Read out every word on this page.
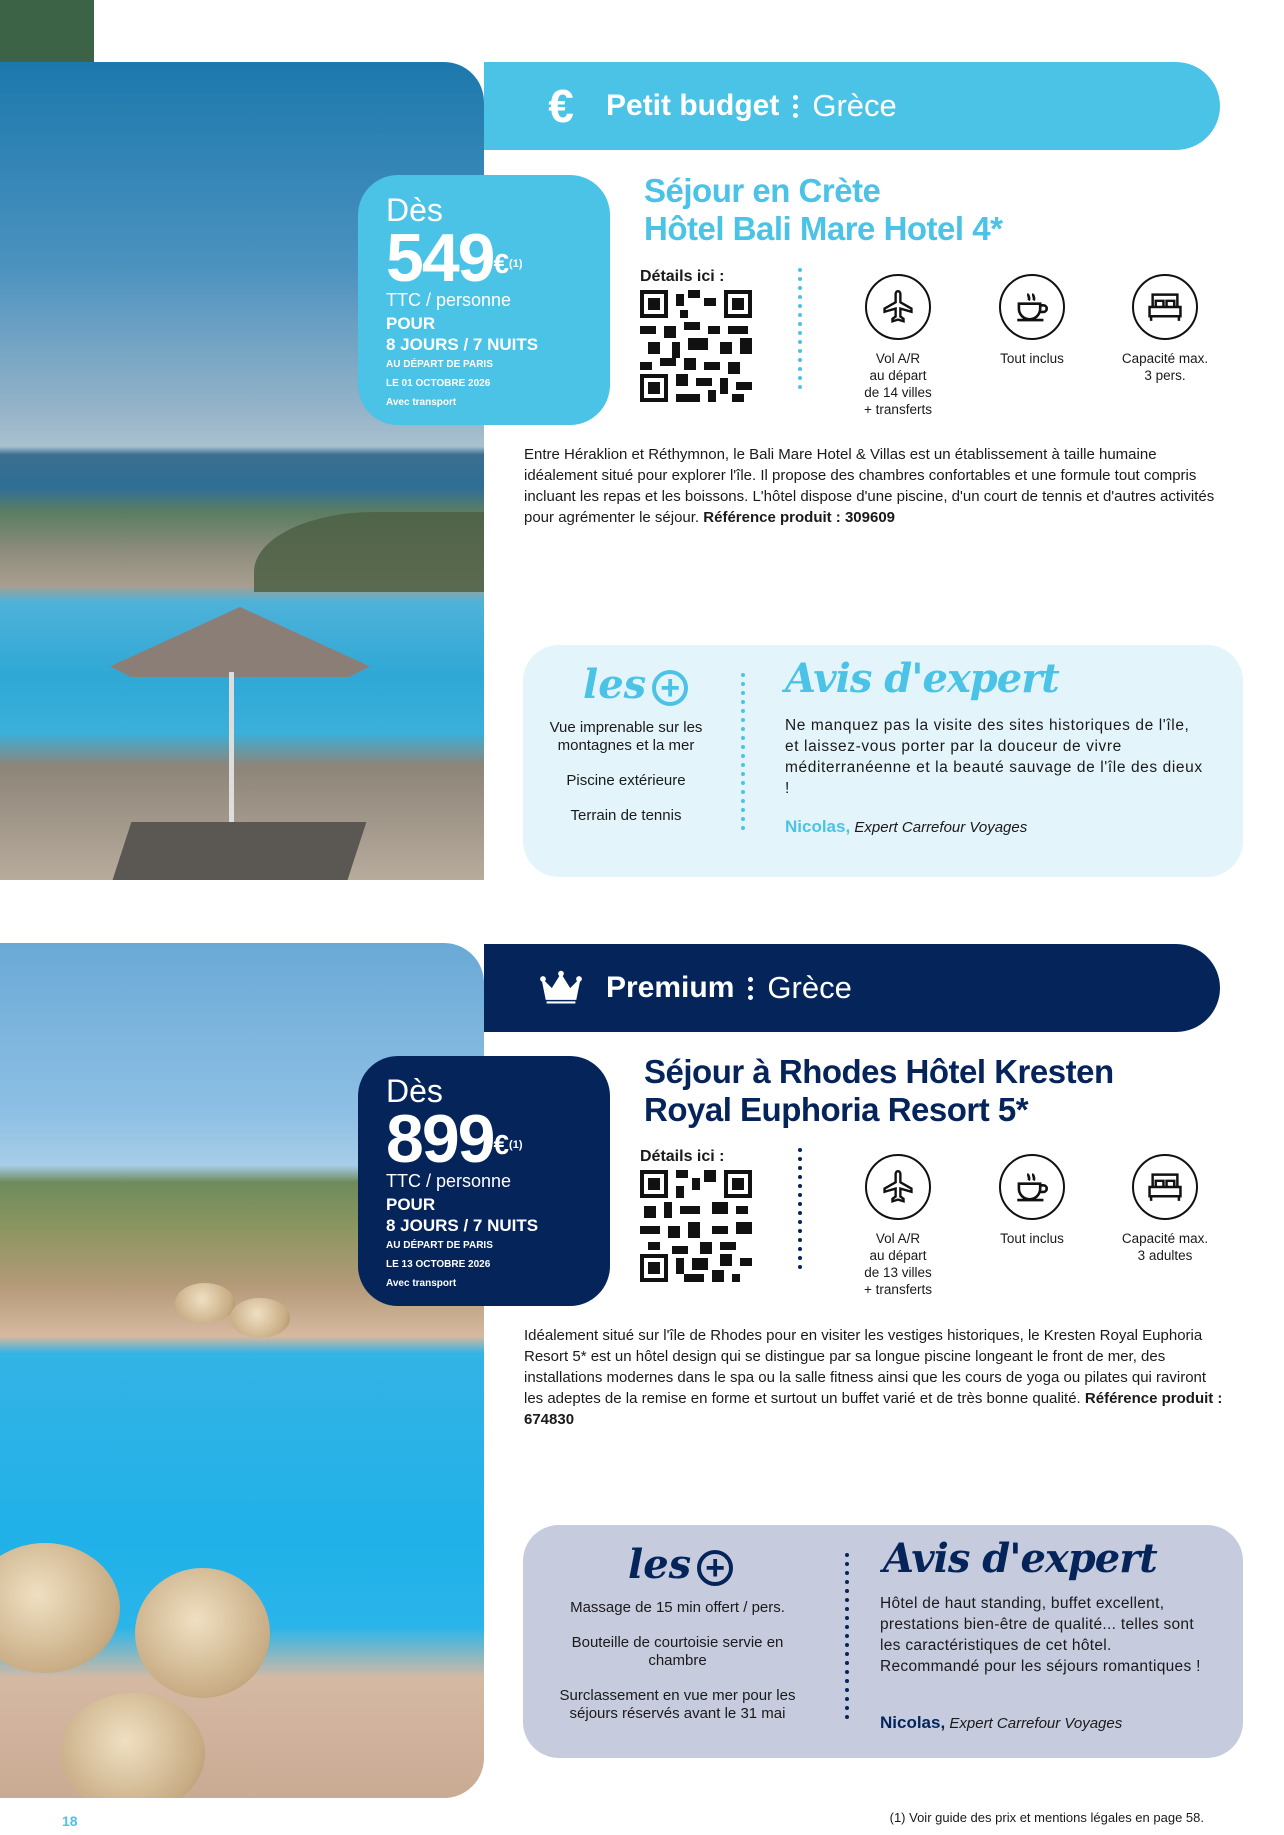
€	Petit budget Grèce
Dès
$549^{€^{(1)}}$
TTC / personne
POUR
8 JOURS / 7 NUITS
AU DÉPART DE PARIS
LE 01 OCTOBRE 2026
Avec transport
Séjour en Crète
Hôtel Bali Mare Hotel 4*
Détails ici :
Vol A/R
au départ
de 14 villes
+ transferts
Tout inclus	Capacité max.
3 pers.
Entre Héraklion et Réthymnon, le Bali Mare Hotel & Villas est un établissement à taille humaine idéalement situé pour explorer l'île. Il propose des chambres confortables et une formule tout compris incluant les repas et les boissons. L'hôtel dispose d'une piscine, d'un court de tennis et d'autres activités pour agrémenter le séjour. Référence produit : 309609
les +
Vue imprenable sur les montagnes et la mer
Piscine extérieure
Terrain de tennis
Avis d'expert
Ne manquez pas la visite des sites historiques de l'île, et laissez-vous porter par la douceur de vivre méditerranéenne et la beauté sauvage de l'île des dieux !
Nicolas, Expert Carrefour Voyages
Premium Grèce
Dès
$899^{€^{(1)}}$
TTC / personne
POUR
8 JOURS / 7 NUITS
AU DÉPART DE PARIS
LE 13 OCTOBRE 2026
Avec transport
Séjour à Rhodes Hôtel Kresten
Royal Euphoria Resort 5*
Détails ici :
Vol A/R
au départ
de 13 villes
+ transferts
Tout inclus	Capacité max.
3 adultes
Idéalement situé sur l'île de Rhodes pour en visiter les vestiges historiques, le Kresten Royal Euphoria Resort 5* est un hôtel design qui se distingue par sa longue piscine longeant le front de mer, des installations modernes dans le spa ou la salle fitness ainsi que les cours de yoga ou pilates qui raviront les adeptes de la remise en forme et surtout un buffet varié et de très bonne qualité. Référence produit : 674830
les +
Massage de 15 min offert / pers.
Bouteille de courtoisie servie en chambre
Surclassement en vue mer pour les séjours réservés avant le 31 mai
Avis d'expert
Hôtel de haut standing, buffet excellent, prestations bien-être de qualité... telles sont les caractéristiques de cet hôtel. Recommandé pour les séjours romantiques !
Nicolas, Expert Carrefour Voyages
18	(1) Voir guide des prix et mentions légales en page 58.
